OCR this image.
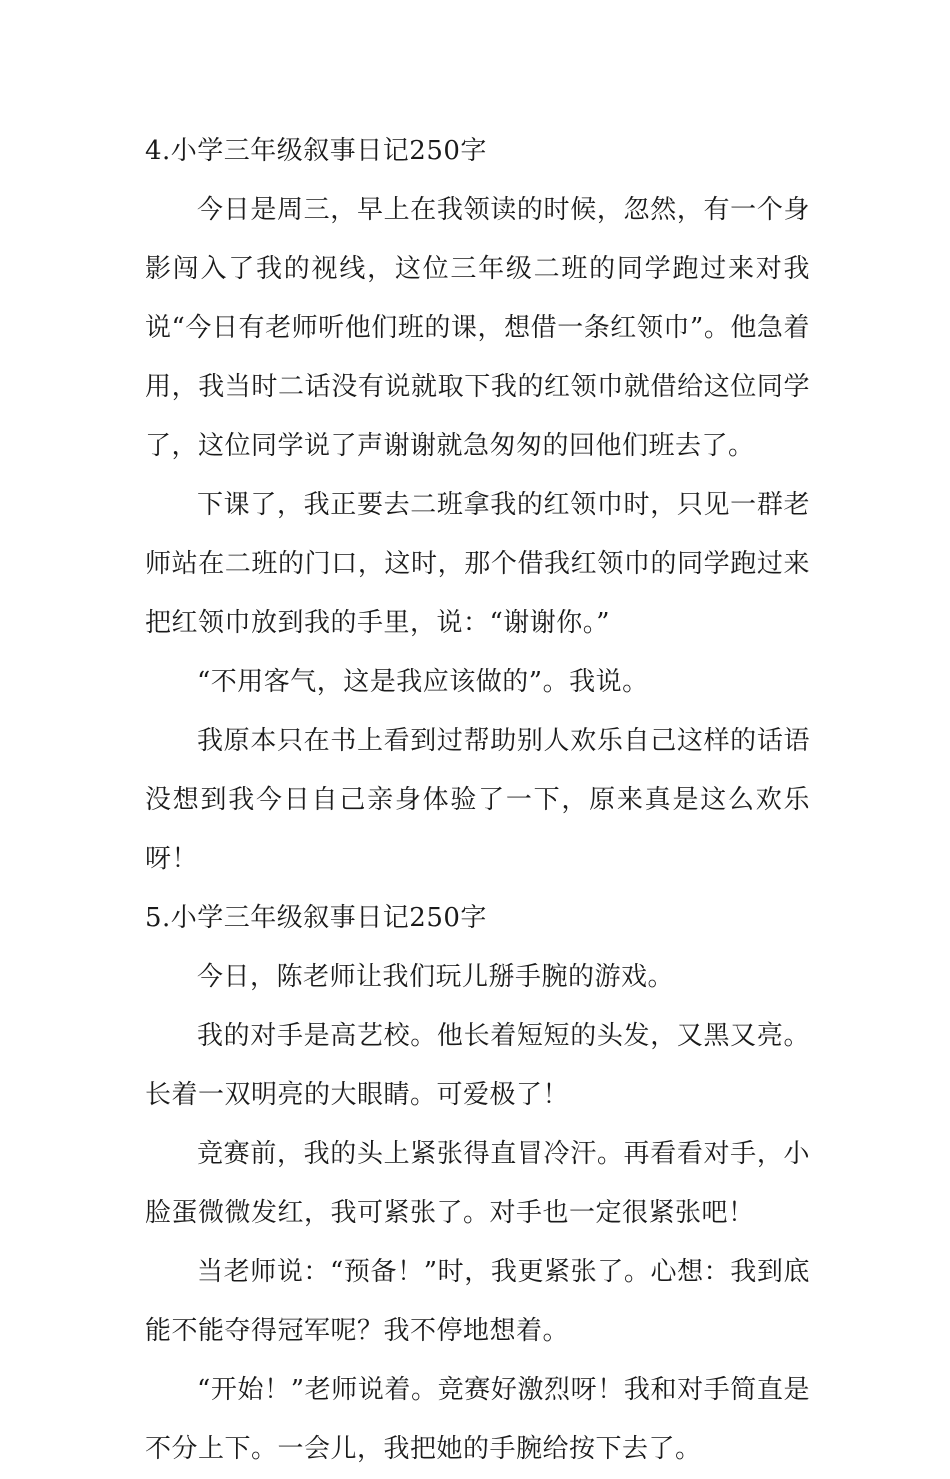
4.小学三年级叙事日记250字

今日是周三，早上在我领读的时候，忽然，有一个身影闯入了我的视线，这位三年级二班的同学跑过来对我说“今日有老师听他们班的课，想借一条红领巾”。他急着用，我当时二话没有说就取下我的红领巾就借给这位同学了，这位同学说了声谢谢就急匆匆的回他们班去了。

下课了，我正要去二班拿我的红领巾时，只见一群老师站在二班的门口，这时，那个借我红领巾的同学跑过来把红领巾放到我的手里，说：“谢谢你。”

“不用客气，这是我应该做的”。我说。

我原本只在书上看到过帮助别人欢乐自己这样的话语没想到我今日自己亲身体验了一下，原来真是这么欢乐呀！

5.小学三年级叙事日记250字

今日，陈老师让我们玩儿掰手腕的游戏。

我的对手是高艺校。他长着短短的头发，又黑又亮。长着一双明亮的大眼睛。可爱极了！

竞赛前，我的头上紧张得直冒冷汗。再看看对手，小脸蛋微微发红，我可紧张了。对手也一定很紧张吧！

当老师说：“预备！”时，我更紧张了。心想：我到底能不能夺得冠军呢？我不停地想着。

“开始！”老师说着。竞赛好激烈呀！我和对手简直是不分上下。一会儿，我把她的手腕给按下去了。
